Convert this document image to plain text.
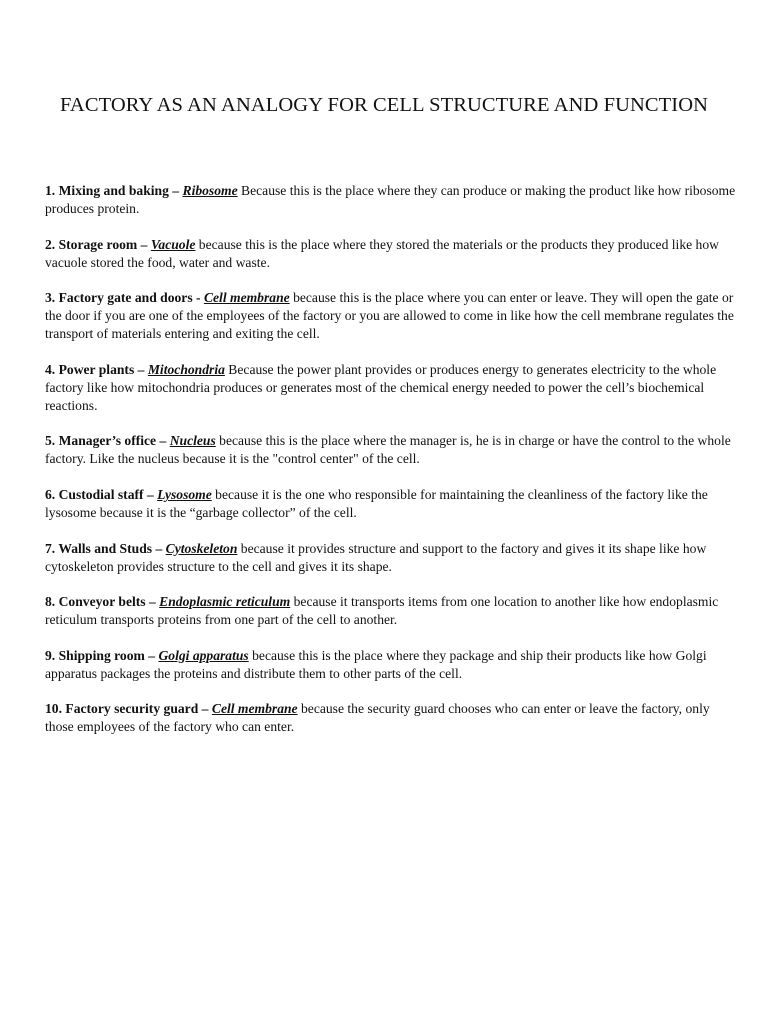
FACTORY AS AN ANALOGY FOR CELL STRUCTURE AND FUNCTION
1. Mixing and baking – Ribosome Because this is the place where they can produce or making the product like how ribosome produces protein.
2. Storage room – Vacuole because this is the place where they stored the materials or the products they produced like how vacuole stored the food, water and waste.
3. Factory gate and doors - Cell membrane because this is the place where you can enter or leave. They will open the gate or the door if you are one of the employees of the factory or you are allowed to come in like how the cell membrane regulates the transport of materials entering and exiting the cell.
4. Power plants – Mitochondria Because the power plant provides or produces energy to generates electricity to the whole factory like how mitochondria produces or generates most of the chemical energy needed to power the cell’s biochemical reactions.
5. Manager’s office – Nucleus because this is the place where the manager is, he is in charge or have the control to the whole factory. Like the nucleus because it is the "control center" of the cell.
6. Custodial staff – Lysosome because it is the one who responsible for maintaining the cleanliness of the factory like the lysosome because it is the “garbage collector” of the cell.
7. Walls and Studs – Cytoskeleton because it provides structure and support to the factory and gives it its shape like how cytoskeleton provides structure to the cell and gives it its shape.
8. Conveyor belts – Endoplasmic reticulum because it transports items from one location to another like how endoplasmic reticulum transports proteins from one part of the cell to another.
9. Shipping room – Golgi apparatus because this is the place where they package and ship their products like how Golgi apparatus packages the proteins and distribute them to other parts of the cell.
10. Factory security guard – Cell membrane because the security guard chooses who can enter or leave the factory, only those employees of the factory who can enter.
